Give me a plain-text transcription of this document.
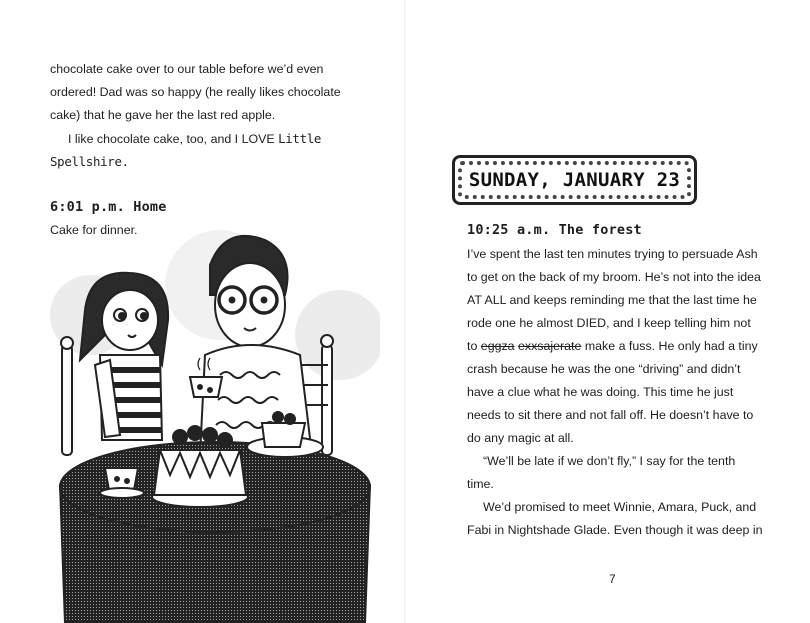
chocolate cake over to our table before we’d even

ordered! Dad was so happy (he really likes chocolate

cake) that he gave her the last red apple.

I like chocolate cake, too, and I LOVE Little

Spellshire.

6:01 p.m. Home

Cake for dinner.

SUNDAY, JANUARY 23

10:25 a.m. The forest

I’ve spent the last ten minutes trying to persuade Ash

to get on the back of my broom. He’s not into the idea

AT ALL and keeps reminding me that the last time he

rode one he almost DIED, and I keep telling him not

to eggza exxsajerate make a fuss. He only had a tiny

crash because he was the one “driving” and didn’t

have a clue what he was doing. This time he just

needs to sit there and not fall off. He doesn’t have to

do any magic at all.

“We’ll be late if we don’t fly,” I say for the tenth

time.

We’d promised to meet Winnie, Amara, Puck, and

Fabi in Nightshade Glade. Even though it was deep in

7
